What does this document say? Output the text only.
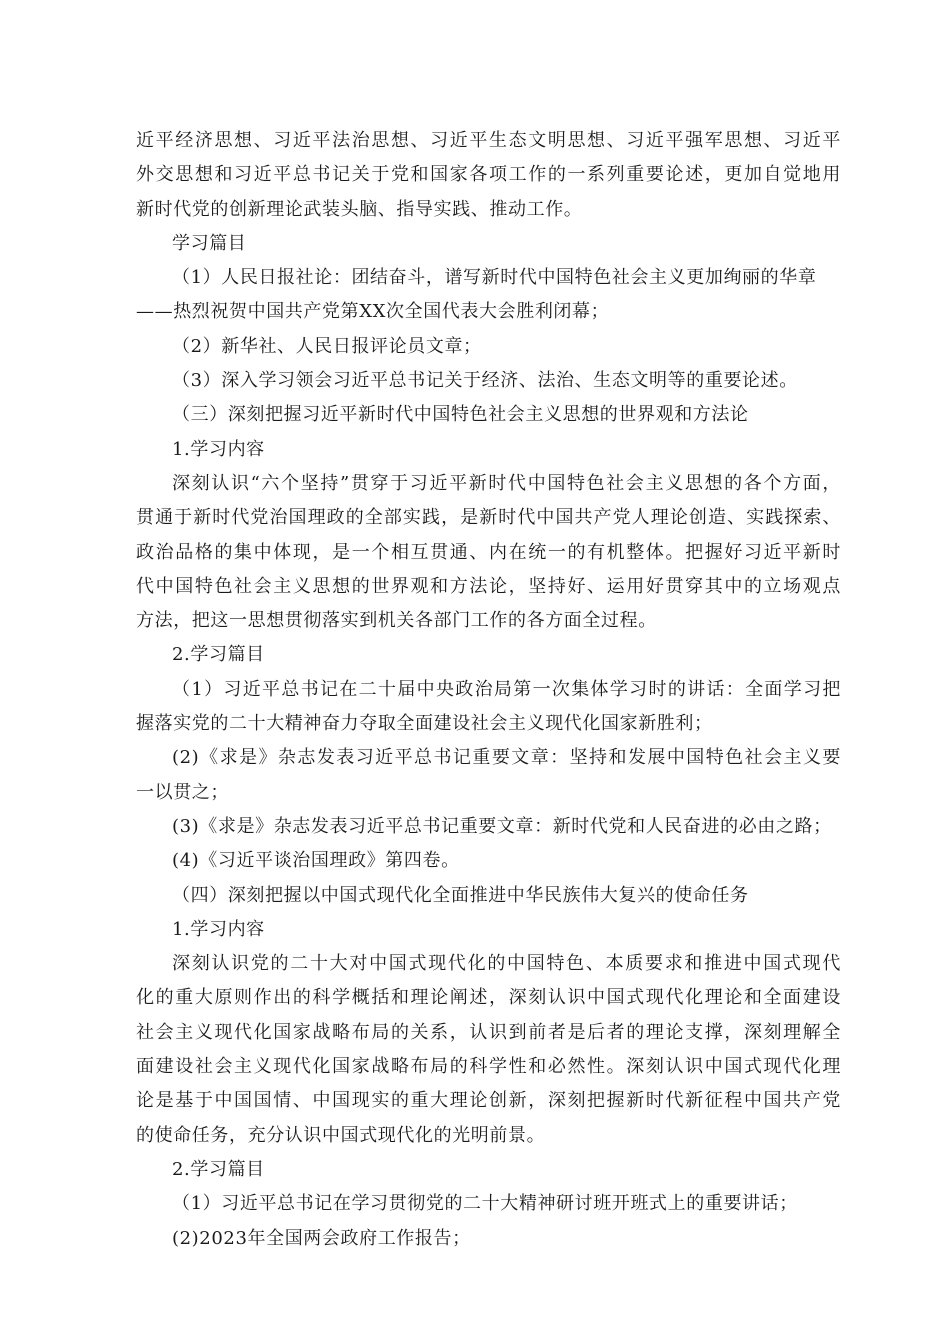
近平经济思想、习近平法治思想、习近平生态文明思想、习近平强军思想、习近平
外交思想和习近平总书记关于党和国家各项工作的一系列重要论述，更加自觉地用
新时代党的创新理论武装头脑、指导实践、推动工作。
学习篇目
（1）人民日报社论：团结奋斗，谱写新时代中国特色社会主义更加绚丽的华章
——热烈祝贺中国共产党第XX次全国代表大会胜利闭幕；
（2）新华社、人民日报评论员文章；
（3）深入学习领会习近平总书记关于经济、法治、生态文明等的重要论述。
（三）深刻把握习近平新时代中国特色社会主义思想的世界观和方法论
1.学习内容
深刻认识“六个坚持”贯穿于习近平新时代中国特色社会主义思想的各个方面，
贯通于新时代党治国理政的全部实践，是新时代中国共产党人理论创造、实践探索、
政治品格的集中体现，是一个相互贯通、内在统一的有机整体。把握好习近平新时
代中国特色社会主义思想的世界观和方法论，坚持好、运用好贯穿其中的立场观点
方法，把这一思想贯彻落实到机关各部门工作的各方面全过程。
2.学习篇目
（1）习近平总书记在二十届中央政治局第一次集体学习时的讲话：全面学习把
握落实党的二十大精神奋力夺取全面建设社会主义现代化国家新胜利；
(2)《求是》杂志发表习近平总书记重要文章：坚持和发展中国特色社会主义要
一以贯之；
(3)《求是》杂志发表习近平总书记重要文章：新时代党和人民奋进的必由之路；
(4)《习近平谈治国理政》第四卷。
（四）深刻把握以中国式现代化全面推进中华民族伟大复兴的使命任务
1.学习内容
深刻认识党的二十大对中国式现代化的中国特色、本质要求和推进中国式现代
化的重大原则作出的科学概括和理论阐述，深刻认识中国式现代化理论和全面建设
社会主义现代化国家战略布局的关系，认识到前者是后者的理论支撑，深刻理解全
面建设社会主义现代化国家战略布局的科学性和必然性。深刻认识中国式现代化理
论是基于中国国情、中国现实的重大理论创新，深刻把握新时代新征程中国共产党
的使命任务，充分认识中国式现代化的光明前景。
2.学习篇目
（1）习近平总书记在学习贯彻党的二十大精神研讨班开班式上的重要讲话；
(2)2023年全国两会政府工作报告；
